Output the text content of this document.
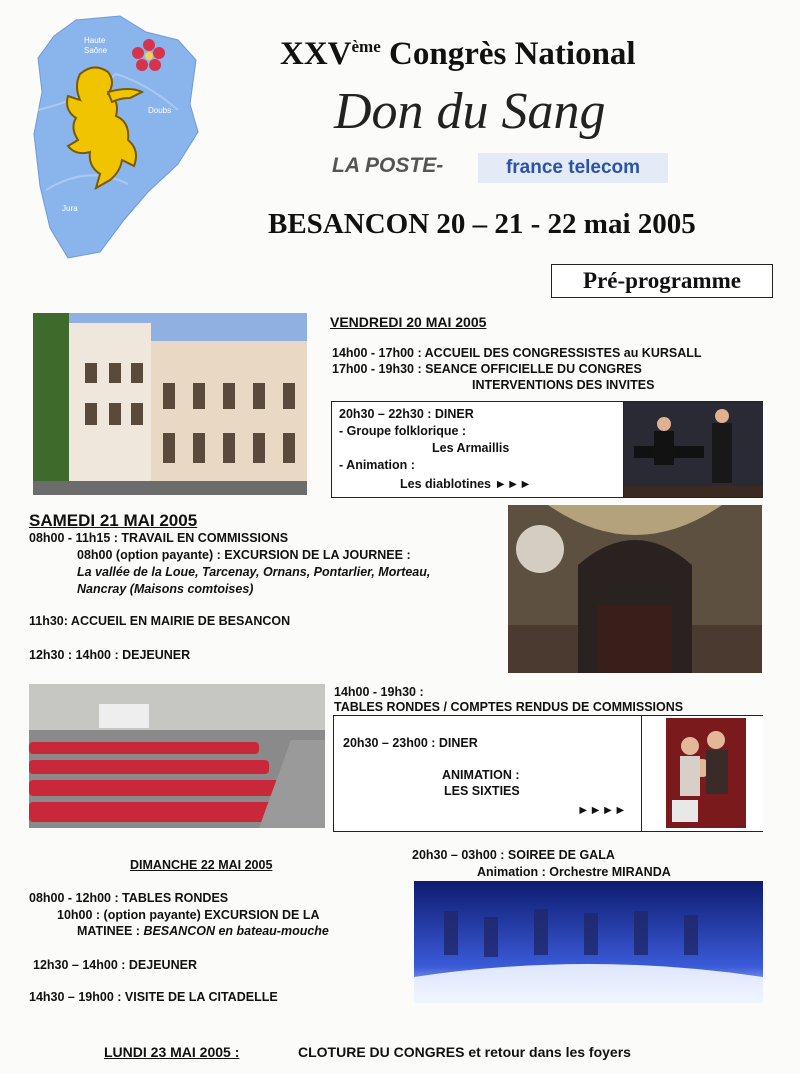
Haute Saône
Doubs
Jura
XXVème Congrès National
Don du Sang
LA POSTE-	france telecom
BESANCON 20 – 21 - 22 mai 2005
Pré-programme
VENDREDI 20 MAI 2005
14h00 - 17h00 : ACCUEIL DES CONGRESSISTES au KURSALL
17h00 - 19h30 : SEANCE OFFICIELLE DU CONGRES
INTERVENTIONS DES INVITES
20h30 – 22h30 : DINER
- Groupe folklorique :
Les Armaillis
- Animation :
Les diablotines ►►►
SAMEDI 21 MAI 2005
08h00 - 11h15 : TRAVAIL EN COMMISSIONS
08h00 (option payante) : EXCURSION DE LA JOURNEE :
La vallée de la Loue, Tarcenay, Ornans, Pontarlier, Morteau,
Nancray (Maisons comtoises)
11h30: ACCUEIL EN MAIRIE DE BESANCON
12h30 : 14h00 : DEJEUNER
14h00 - 19h30 :
TABLES RONDES / COMPTES RENDUS DE COMMISSIONS
20h30 – 23h00 : DINER
ANIMATION :
LES SIXTIES
►►►►
DIMANCHE 22 MAI 2005
08h00 - 12h00 : TABLES RONDES
10h00 : (option payante) EXCURSION DE LA
MATINEE : BESANCON en bateau-mouche
12h30 – 14h00 : DEJEUNER
14h30 – 19h00 : VISITE DE LA CITADELLE
20h30 – 03h00 : SOIREE DE GALA
Animation : Orchestre MIRANDA
LUNDI 23 MAI 2005 :	CLOTURE DU CONGRES et retour dans les foyers
